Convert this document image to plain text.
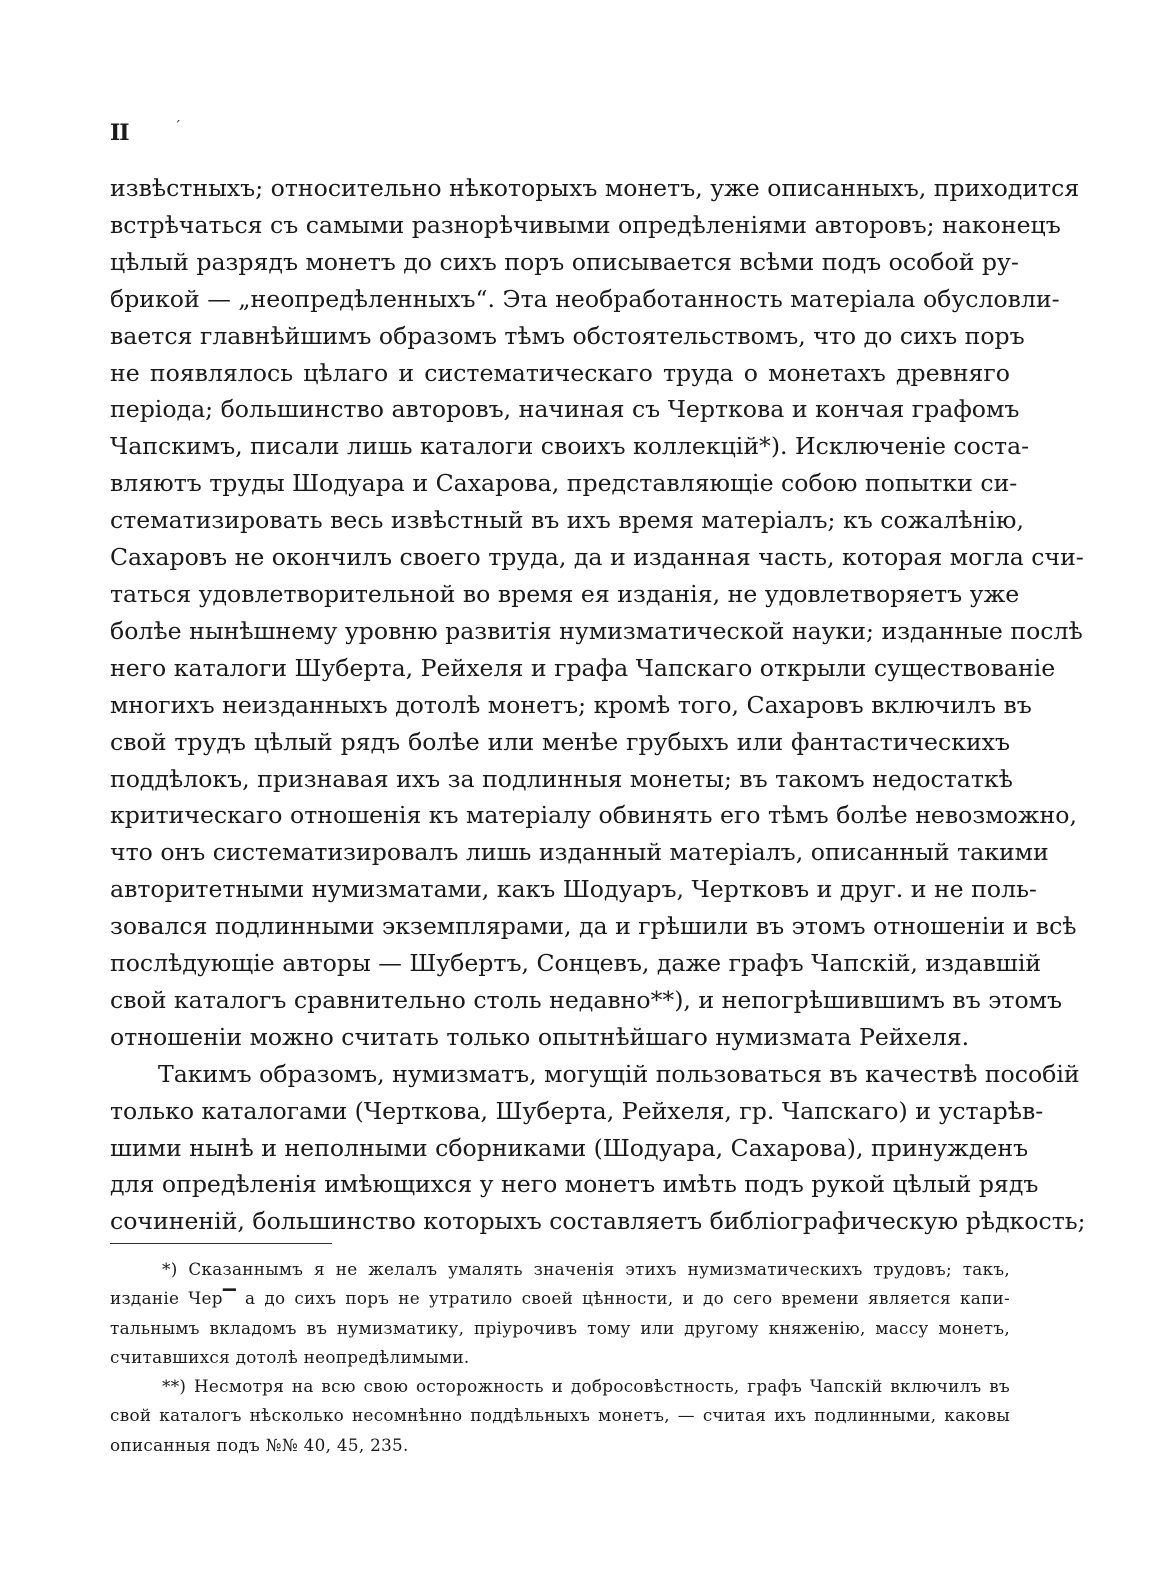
II	ˊ
извѣстныхъ; относительно нѣкоторыхъ монетъ, уже описанныхъ, приходится
встрѣчаться съ самыми разнорѣчивыми опредѣленіями авторовъ; наконецъ
цѣлый разрядъ монетъ до сихъ поръ описывается всѣми подъ особой ру-
брикой — „неопредѣленныхъ“. Эта необработанность матеріала обусловли-
вается главнѣйшимъ образомъ тѣмъ обстоятельствомъ, что до сихъ поръ
не появлялось цѣлаго и систематическаго труда о монетахъ древняго
періода; большинство авторовъ, начиная съ Черткова и кончая графомъ
Чапскимъ, писали лишь каталоги своихъ коллекцій*). Исключеніе соста-
вляютъ труды Шодуара и Сахарова, представляющіе собою попытки си-
стематизировать весь извѣстный въ ихъ время матеріалъ; къ сожалѣнію,
Сахаровъ не окончилъ своего труда, да и изданная часть, которая могла счи-
таться удовлетворительной во время ея изданія, не удовлетворяетъ уже
болѣе нынѣшнему уровню развитія нумизматической науки; изданные послѣ
него каталоги Шуберта, Рейхеля и графа Чапскаго открыли существованіе
многихъ неизданныхъ дотолѣ монетъ; кромѣ того, Сахаровъ включилъ въ
свой трудъ цѣлый рядъ болѣе или менѣе грубыхъ или фантастическихъ
поддѣлокъ, признавая ихъ за подлинныя монеты; въ такомъ недостаткѣ
критическаго отношенія къ матеріалу обвинять его тѣмъ болѣе невозможно,
что онъ систематизировалъ лишь изданный матеріалъ, описанный такими
авторитетными нумизматами, какъ Шодуаръ, Чертковъ и друг. и не поль-
зовался подлинными экземплярами, да и грѣшили въ этомъ отношеніи и всѣ
послѣдующіе авторы — Шубертъ, Сонцевъ, даже графъ Чапскій, издавшій
свой каталогъ сравнительно столь недавно**), и непогрѣшившимъ въ этомъ
отношеніи можно считать только опытнѣйшаго нумизмата Рейхеля.
Такимъ образомъ, нумизматъ, могущій пользоваться въ качествѣ пособій
только каталогами (Черткова, Шуберта, Рейхеля, гр. Чапскаго) и устарѣв-
шими нынѣ и неполными сборниками (Шодуара, Сахарова), принужденъ
для опредѣленія имѣющихся у него монетъ имѣть подъ рукой цѣлый рядъ
сочиненій, большинство которыхъ составляетъ библіографическую рѣдкость;
*) Сказаннымъ я не желалъ умалять значенія этихъ нумизматическихъ трудовъ; такъ,
изданіе Чер▔ а до сихъ поръ не утратило своей цѣнности, и до сего времени является капи-
тальнымъ вкладомъ въ нумизматику, пріурочивъ тому или другому княженію, массу монетъ,
считавшихся дотолѣ неопредѣлимыми.
**) Несмотря на всю свою осторожность и добросовѣстность, графъ Чапскій включилъ въ
свой каталогъ нѣсколько несомнѣнно поддѣльныхъ монетъ, — считая ихъ подлинными, каковы
описанныя подъ №№ 40, 45, 235.
